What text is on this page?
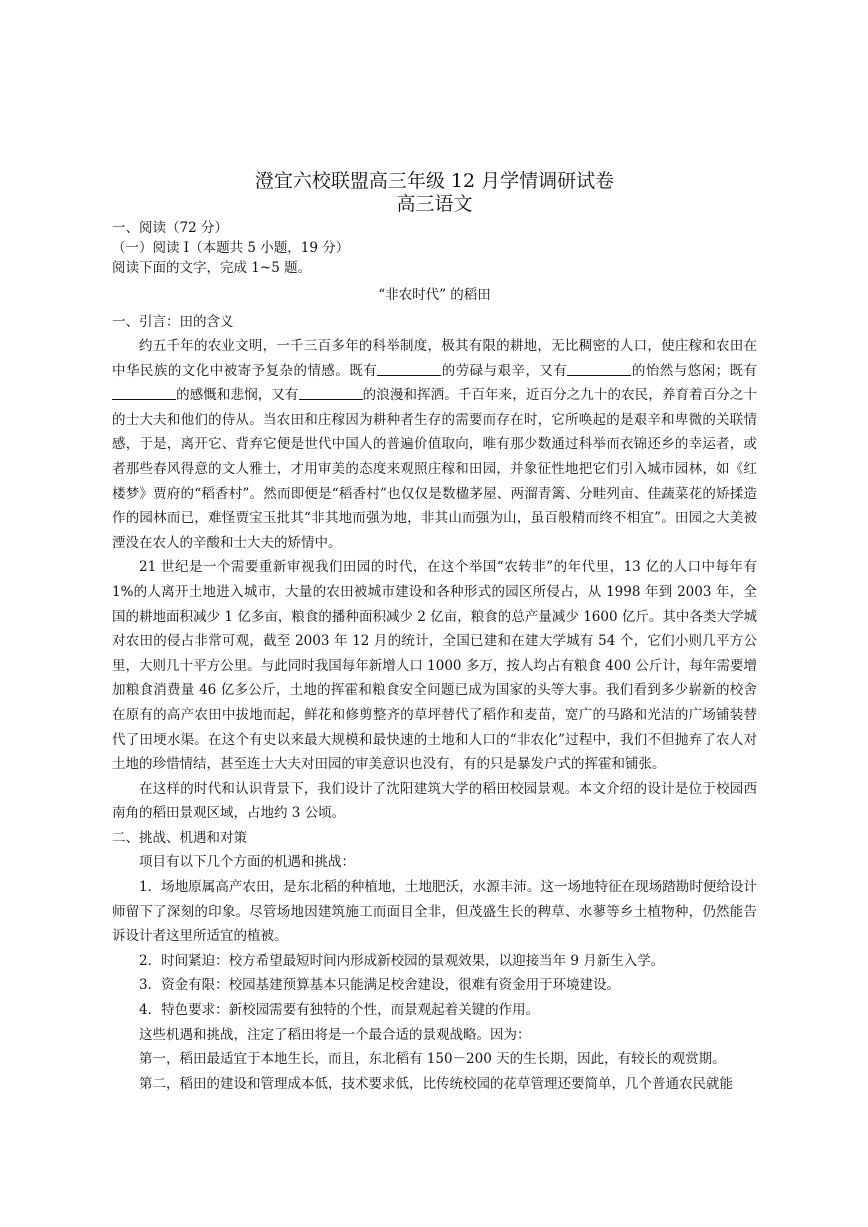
澄宜六校联盟高三年级 12 月学情调研试卷

高三语文

一、阅读（72 分）

（一）阅读 I（本题共 5 小题，19 分）

阅读下面的文字，完成 1~5 题。

“非农时代” 的稻田

一、引言：田的含义

约五千年的农业文明，一千三百多年的科举制度，极其有限的耕地，无比稠密的人口，使庄稼和农田在中华民族的文化中被寄予复杂的情感。既有	的劳碌与艰辛，又有	的怡然与悠闲；既有的感慨和悲悯，又有	的浪漫和挥洒。千百年来，近百分之九十的农民，养育着百分之十的士大夫和他们的侍从。当农田和庄稼因为耕种者生存的需要而存在时，它所唤起的是艰辛和卑微的关联情感，于是，离开它、背弃它便是世代中国人的普遍价值取向，唯有那少数通过科举而衣锦还乡的幸运者，或者那些春风得意的文人雅士，才用审美的态度来观照庄稼和田园，并象征性地把它们引入城市园林，如《红楼梦》贾府的“稻香村”。然而即便是“稻香村”也仅仅是数楹茅屋、两溜青篱、分畦列亩、佳蔬菜花的矫揉造作的园林而已，难怪贾宝玉批其“非其地而强为地，非其山而强为山，虽百般精而终不相宜”。田园之大美被湮没在农人的辛酸和士大夫的矫情中。

21 世纪是一个需要重新审视我们田园的时代，在这个举国“农转非”的年代里，13 亿的人口中每年有 1%的人离开土地进入城市，大量的农田被城市建设和各种形式的园区所侵占，从 1998 年到 2003 年，全国的耕地面积减少 1 亿多亩，粮食的播种面积减少 2 亿亩，粮食的总产量减少 1600 亿斤。其中各类大学城对农田的侵占非常可观，截至 2003 年 12 月的统计，全国已建和在建大学城有 54 个，它们小则几平方公里，大则几十平方公里。与此同时我国每年新增人口 1000 多万，按人均占有粮食 400 公斤计，每年需要增加粮食消费量 46 亿多公斤，土地的挥霍和粮食安全问题已成为国家的头等大事。我们看到多少崭新的校舍在原有的高产农田中拔地而起，鲜花和修剪整齐的草坪替代了稻作和麦苗，宽广的马路和光洁的广场铺装替代了田埂水渠。在这个有史以来最大规模和最快速的土地和人口的“非农化”过程中，我们不但抛弃了农人对土地的珍惜情结，甚至连士大夫对田园的审美意识也没有，有的只是暴发户式的挥霍和铺张。

在这样的时代和认识背景下，我们设计了沈阳建筑大学的稻田校园景观。本文介绍的设计是位于校园西南角的稻田景观区域，占地约 3 公顷。

二、挑战、机遇和对策

项目有以下几个方面的机遇和挑战：

1．场地原属高产农田，是东北稻的种植地，土地肥沃，水源丰沛。这一场地特征在现场踏勘时便给设计师留下了深刻的印象。尽管场地因建筑施工而面目全非，但茂盛生长的稗草、水蓼等乡土植物种，仍然能告诉设计者这里所适宜的植被。

2．时间紧迫：校方希望最短时间内形成新校园的景观效果，以迎接当年 9 月新生入学。

3．资金有限：校园基建预算基本只能满足校舍建设，很难有资金用于环境建设。

4．特色要求：新校园需要有独特的个性，而景观起着关键的作用。

这些机遇和挑战，注定了稻田将是一个最合适的景观战略。因为：

第一，稻田最适宜于本地生长，而且，东北稻有 150－200 天的生长期，因此，有较长的观赏期。

第二，稻田的建设和管理成本低，技术要求低，比传统校园的花草管理还要简单，几个普通农民就能
